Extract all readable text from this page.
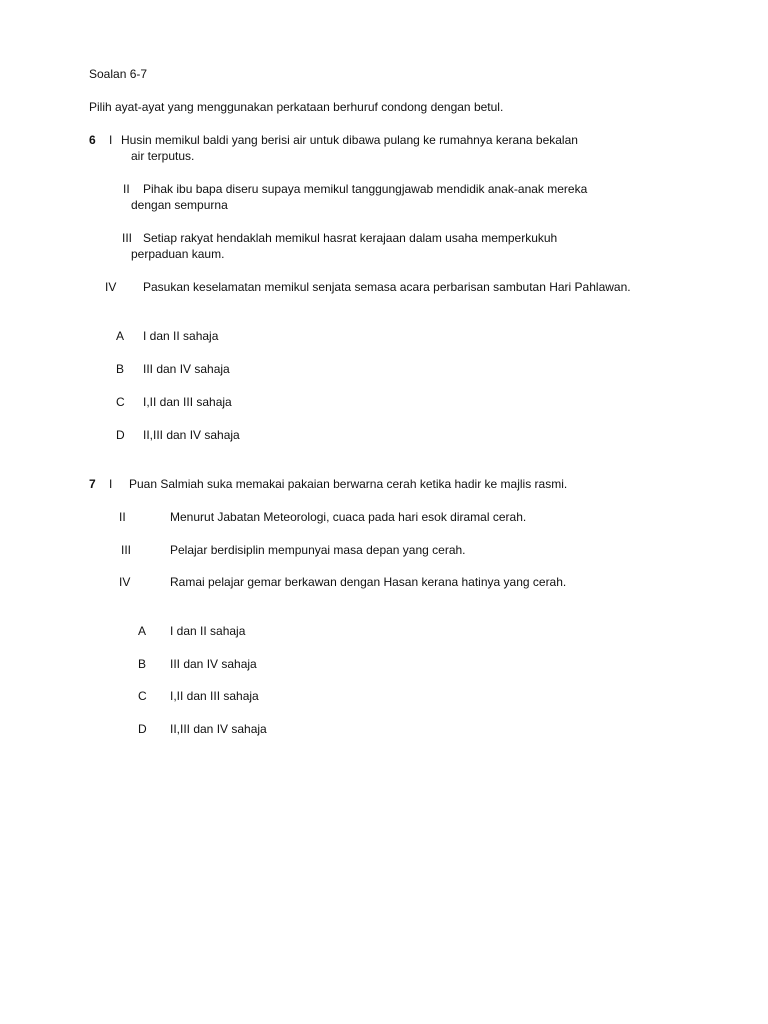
Soalan 6-7
Pilih ayat-ayat yang menggunakan perkataan berhuruf condong dengan betul.
6 I Husin memikul baldi yang berisi air untuk dibawa pulang ke rumahnya kerana bekalan
air terputus.
II Pihak ibu bapa diseru supaya memikul tanggungjawab mendidik anak-anak mereka
dengan sempurna
III Setiap rakyat hendaklah memikul hasrat kerajaan dalam usaha memperkukuh
perpaduan kaum.
IV Pasukan keselamatan memikul senjata semasa acara perbarisan sambutan Hari Pahlawan.
A I dan II sahaja
B III dan IV sahaja
C I,II dan III sahaja
D II,III dan IV sahaja
7 I Puan Salmiah suka memakai pakaian berwarna cerah ketika hadir ke majlis rasmi.
II	Menurut Jabatan Meteorologi, cuaca pada hari esok diramal cerah.
III	Pelajar berdisiplin mempunyai masa depan yang cerah.
IV	Ramai pelajar gemar berkawan dengan Hasan kerana hatinya yang cerah.
A I dan II sahaja
B III dan IV sahaja
C I,II dan III sahaja
D II,III dan IV sahaja
